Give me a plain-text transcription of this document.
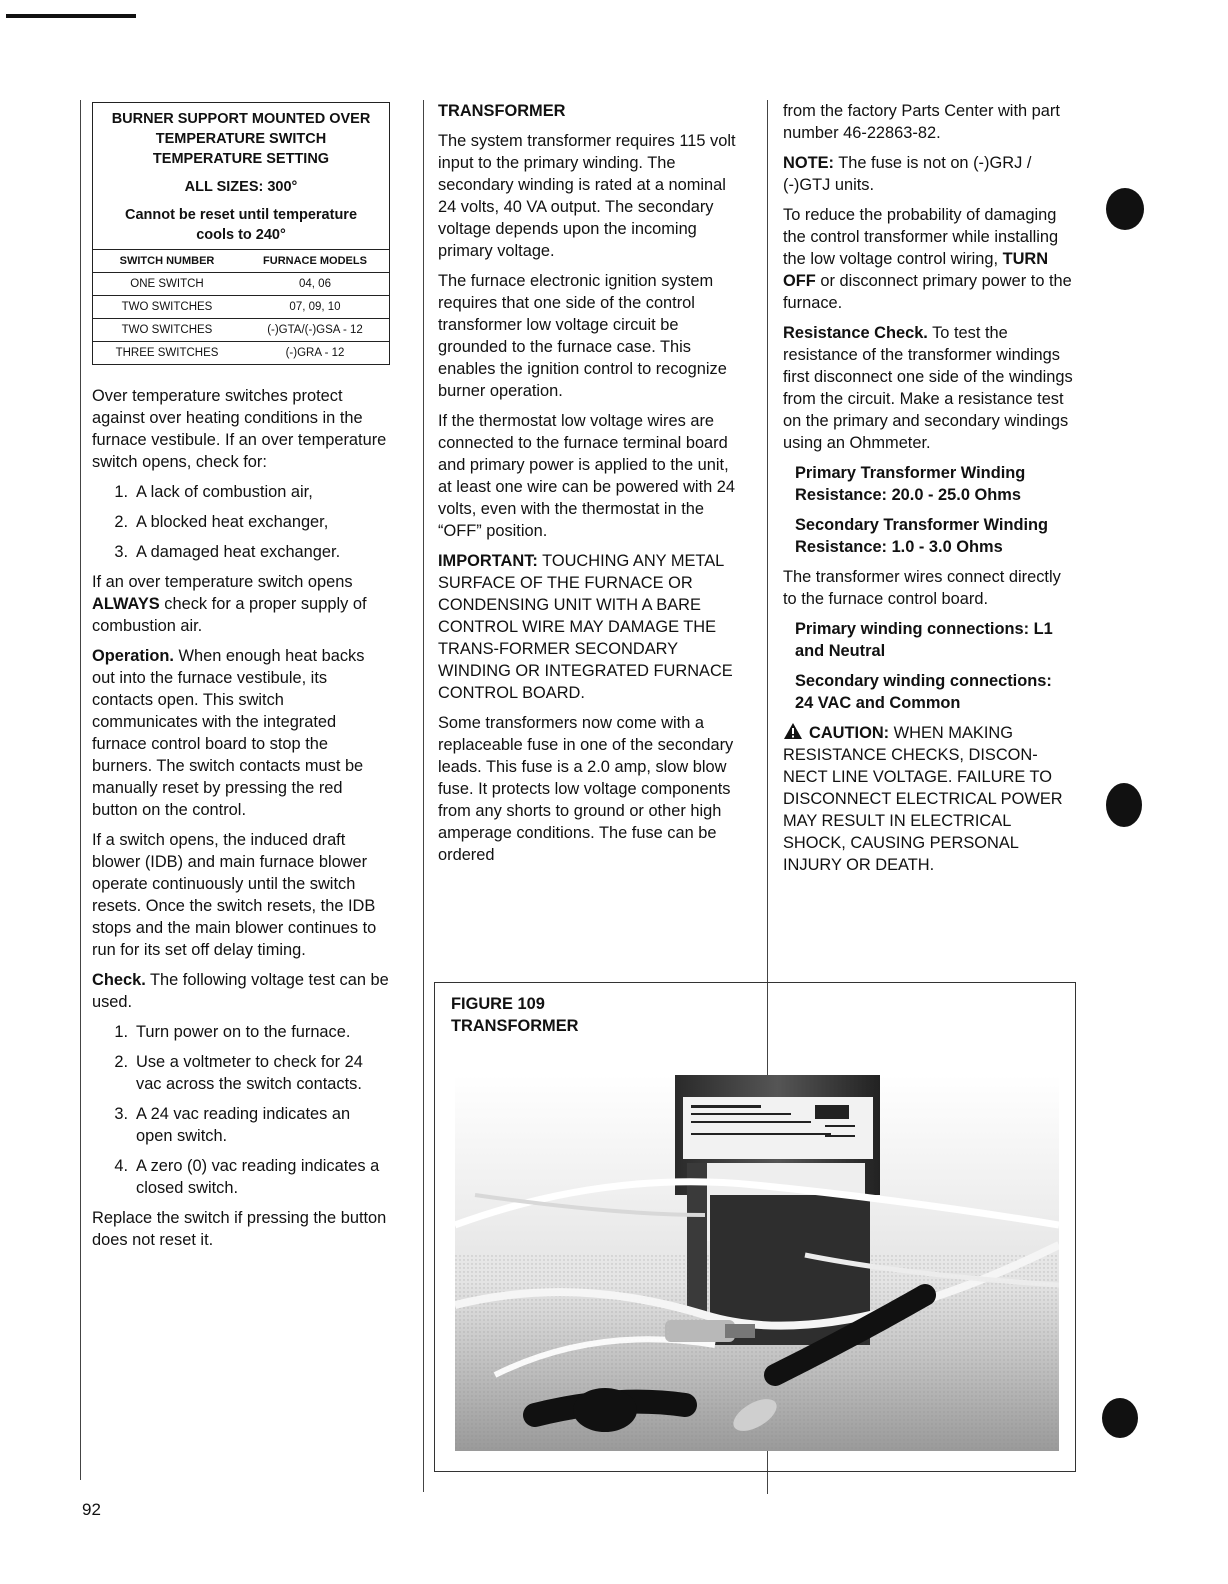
BURNER SUPPORT MOUNTED OVER
TEMPERATURE SWITCH
TEMPERATURE SETTING
ALL SIZES: 300°
Cannot be reset until temperature
cools to 240°
SWITCH NUMBER	FURNACE MODELS
ONE SWITCH	04, 06
TWO SWITCHES	07, 09, 10
TWO SWITCHES	(-)GTA/(-)GSA - 12
THREE SWITCHES	(-)GRA - 12

Over temperature switches protect against over heating conditions in the furnace vestibule. If an over temperature switch opens, check for:

1. A lack of combustion air,
2. A blocked heat exchanger,
3. A damaged heat exchanger.

If an over temperature switch opens ALWAYS check for a proper supply of combustion air.

Operation. When enough heat backs out into the furnace vestibule, its contacts open. This switch communicates with the integrated furnace control board to stop the burners. The switch contacts must be manually reset by pressing the red button on the control.

If a switch opens, the induced draft blower (IDB) and main furnace blower operate continuously until the switch resets. Once the switch resets, the IDB stops and the main blower continues to run for its set off delay timing.

Check. The following voltage test can be used.

1. Turn power on to the furnace.
2. Use a voltmeter to check for 24 vac across the switch contacts.
3. A 24 vac reading indicates an open switch.
4. A zero (0) vac reading indicates a closed switch.

Replace the switch if pressing the button does not reset it.

TRANSFORMER

The system transformer requires 115 volt input to the primary winding. The secondary winding is rated at a nominal 24 volts, 40 VA output. The secondary voltage depends upon the incoming primary voltage.

The furnace electronic ignition system requires that one side of the control transformer low voltage circuit be grounded to the furnace case. This enables the ignition control to recognize burner operation.

If the thermostat low voltage wires are connected to the furnace terminal board and primary power is applied to the unit, at least one wire can be powered with 24 volts, even with the thermostat in the “OFF” position.

IMPORTANT: TOUCHING ANY METAL SURFACE OF THE FURNACE OR CONDENSING UNIT WITH A BARE CONTROL WIRE MAY DAMAGE THE TRANS-FORMER SECONDARY WINDING OR INTEGRATED FURNACE CONTROL BOARD.

Some transformers now come with a replaceable fuse in one of the secondary leads. This fuse is a 2.0 amp, slow blow fuse. It protects low voltage components from any shorts to ground or other high amperage conditions. The fuse can be ordered

from the factory Parts Center with part number 46-22863-82.

NOTE: The fuse is not on (-)GRJ / (-)GTJ units.

To reduce the probability of damaging the control transformer while installing the low voltage control wiring, TURN OFF or disconnect primary power to the furnace.

Resistance Check. To test the resistance of the transformer windings first disconnect one side of the windings from the circuit. Make a resistance test on the primary and secondary windings using an Ohmmeter.

Primary Transformer Winding Resistance: 20.0 - 25.0 Ohms

Secondary Transformer Winding Resistance: 1.0 - 3.0 Ohms

The transformer wires connect directly to the furnace control board.

Primary winding connections: L1 and Neutral

Secondary winding connections: 24 VAC and Common

CAUTION: WHEN MAKING RESISTANCE CHECKS, DISCON-NECT LINE VOLTAGE. FAILURE TO DISCONNECT ELECTRICAL POWER MAY RESULT IN ELECTRICAL SHOCK, CAUSING PERSONAL INJURY OR DEATH.

FIGURE 109
TRANSFORMER
92
